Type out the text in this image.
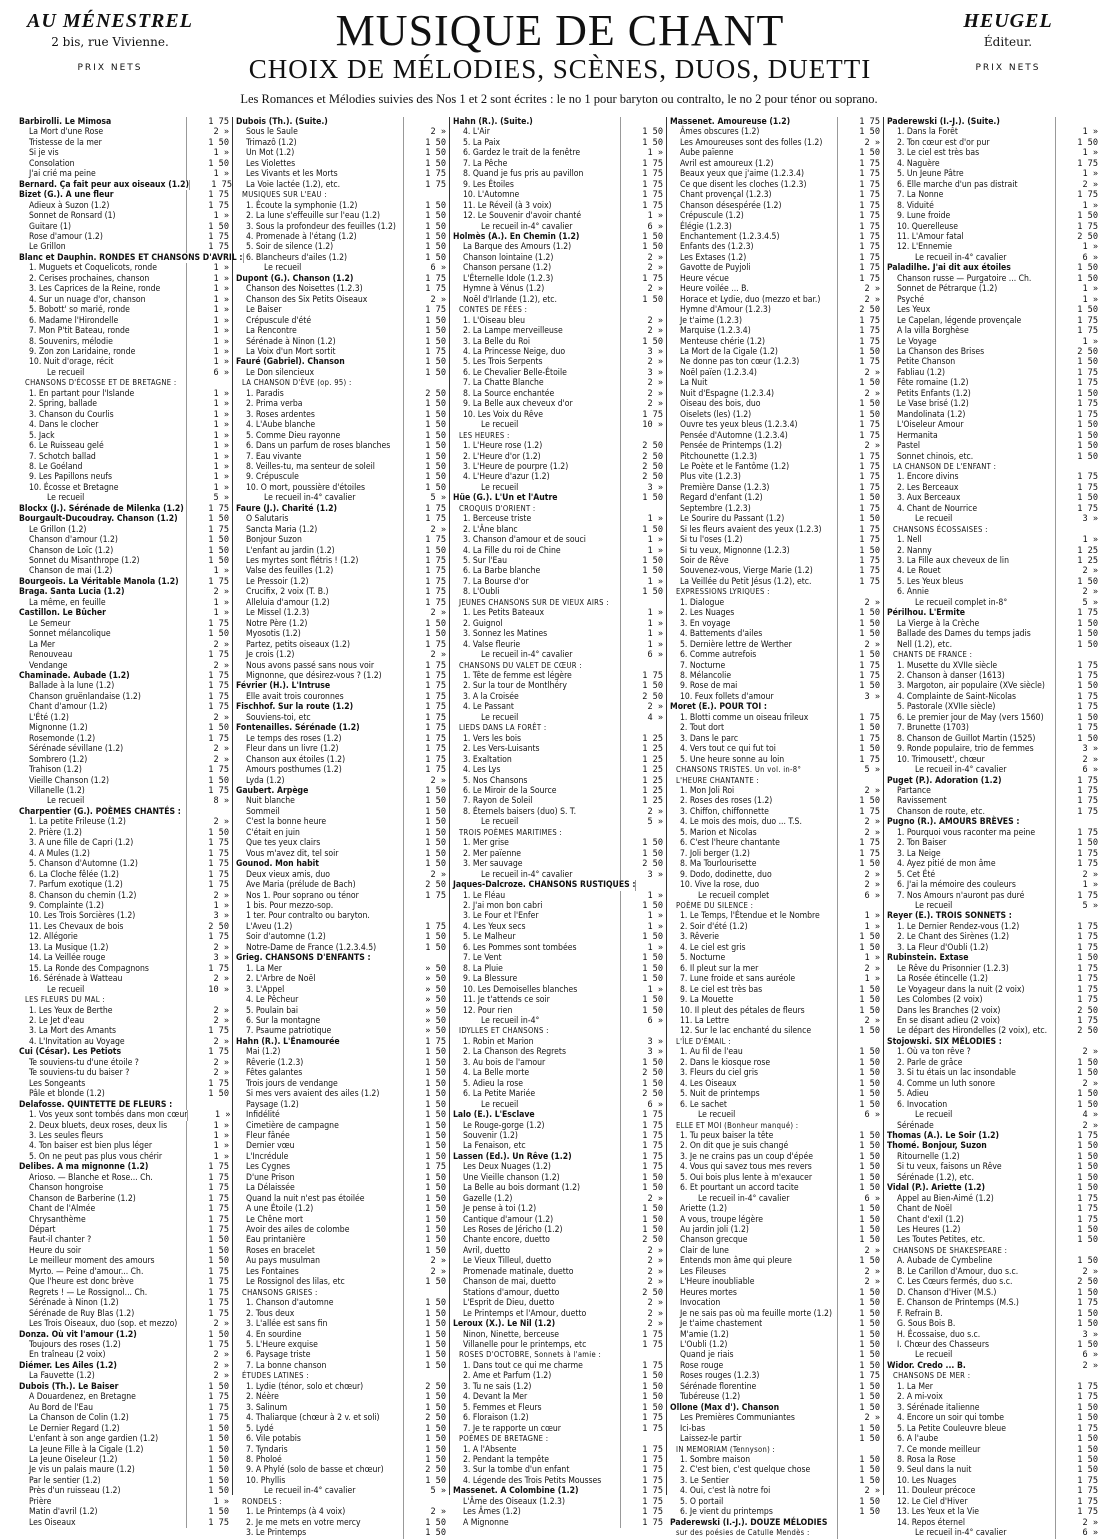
AU MÉNESTREL
2 bis, rue Vivienne.
PRIX NETS
MUSIQUE DE CHANT
CHOIX DE MÉLODIES, SCÈNES, DUOS, DUETTI
HEUGEL
Éditeur.
PRIX NETS
Les Romances et Mélodies suivies des Nos 1 et 2 sont écrites : le no 1 pour baryton ou contralto, le no 2 pour ténor ou soprano.
Barbirolli. Le Mimosa	1 75
La Mort d'une Rose	2 »
Tristesse de la mer	1 50
Si je vis	1 »
Consolation	1 50
J'ai crié ma peine	1 »
Bernard. Ça fait peur aux oiseaux (1.2)	1 75
Bizet (G.). A une fleur	1 75
Adieux à Suzon (1.2)	1 75
Sonnet de Ronsard (1)	1 »
Guitare (1)	1 50
Rose d'amour (1.2)	1 75
Le Grillon	1 75
Blanc et Dauphin. RONDES ET CHANSONS D'AVRIL :
1. Muguets et Coquelicots, ronde	1 »
2. Cerises prochaines, chanson	1 »
3. Les Caprices de la Reine, ronde	1 »
4. Sur un nuage d'or, chanson	1 »
5. Bobott' so marié, ronde	1 »
6. Madame l'Hirondelle	1 »
7. Mon P'tit Bateau, ronde	1 »
8. Souvenirs, mélodie	1 »
9. Zon zon Laridaine, ronde	1 »
10. Nuit d'orage, récit	1 »
Le recueil	6 »
CHANSONS D'ÉCOSSE ET DE BRETAGNE :
1. En partant pour l'Islande	1 »
2. Spring, ballade	1 »
3. Chanson du Courlis	1 »
4. Dans le clocher	1 »
5. Jack	1 »
6. Le Ruisseau gelé	1 »
7. Schotch ballad	1 »
8. Le Goéland	1 »
9. Les Papillons neufs	1 »
10. Écosse et Bretagne	1 »
Le recueil	5 »
Blockx (J.). Sérénade de Milenka (1.2)	1 75
Bourgault-Ducoudray. Chanson (1.2)	1 50
Le Grillon (1.2)	1 75
Chanson d'amour (1.2)	1 50
Chanson de Loïc (1.2)	1 50
Sonnet du Misanthrope (1.2)	1 50
Chanson de mai (1.2)	1 »
Bourgeois. La Véritable Manola (1.2)	1 75
Braga. Santa Lucia (1.2)	2 »
La même, en feuille	1 »
Castillon. Le Bûcher	1 »
Le Semeur	1 75
Sonnet mélancolique	1 50
La Mer	2 »
Renouveau	1 75
Vendange	2 »
Chaminade. Aubade (1.2)	1 75
Ballade à la lune (1.2)	1 75
Chanson gruënlandaise (1.2)	1 75
Chant d'amour (1.2)	1 75
L'Été (1.2)	2 »
Mignonne (1.2)	1 50
Rosemonde (1.2)	1 75
Sérénade sévillane (1.2)	2 »
Sombrero (1.2)	2 »
Trahison (1.2)	1 75
Vieille Chanson (1.2)	1 50
Villanelle (1.2)	1 75
Le recueil	8 »
Charpentier (G.). POÈMES CHANTÉS :
1. La petite Frileuse (1.2)	2 »
2. Prière (1.2)	1 50
3. A une fille de Capri (1.2)	1 75
4. A Mules (1.2)	1 75
5. Chanson d'Automne (1.2)	1 75
6. La Cloche fêlée (1.2)	1 75
7. Parfum exotique (1.2)	1 75
8. Chanson du chemin (1.2)	2 »
9. Complainte (1.2)	1 »
10. Les Trois Sorcières (1.2)	3 »
11. Les Chevaux de bois	2 50
12. Allégorie	1 75
13. La Musique (1.2)	2 »
14. La Veillée rouge	3 »
15. La Ronde des Compagnons	1 75
16. Sérénade à Watteau	2 »
Le recueil	10 »
LES FLEURS DU MAL :
1. Les Yeux de Berthe	2 »
2. Le Jet d'eau	2 »
3. La Mort des Amants	1 75
4. L'Invitation au Voyage	2 »
Cui (César). Les Petiots	1 75
Te souviens-tu d'une étoile ?	2 »
Te souviens-tu du baiser ?	2 »
Les Songeants	1 75
Pâle et blonde (1.2)	1 50
Delafosse. QUINTETTE DE FLEURS :
1. Vos yeux sont tombés dans mon cœur	1 »
2. Deux bluets, deux roses, deux lis	1 »
3. Les seules fleurs	1 »
4. Ton baiser est bien plus léger	1 »
5. On ne peut pas plus vous chérir	1 »
Delibes. A ma mignonne (1.2)	1 75
Arioso. — Blanche et Rose... Ch.	1 75
Chanson hongroise	1 75
Chanson de Barberine (1.2)	1 75
Chant de l'Almée	1 75
Chrysanthème	1 75
Départ	1 75
Faut-il chanter ?	1 50
Heure du soir	1 50
Le meilleur moment des amours	1 50
Myrto. — Peine d'amour... Ch.	1 75
Que l'heure est donc brève	1 75
Regrets ! — Le Rossignol... Ch.	1 75
Sérénade à Ninon (1.2)	1 75
Sérénade de Ruy Blas (1.2)	1 75
Les Trois Oiseaux, duo (sop. et mezzo)	2 »
Donza. Où vit l'amour (1.2)	1 50
Toujours des roses (1.2)	1 75
En traîneau (2 voix)	2 »
Diémer. Les Ailes (1.2)	2 »
La Fauvette (1.2)	2 »
Dubois (Th.). Le Baiser	1 50
A Douardenez, en Bretagne	1 75
Au Bord de l'Eau	1 75
La Chanson de Colin (1.2)	1 75
Le Dernier Regard (1.2)	1 50
L'enfant à son ange gardien (1.2)	1 50
La Jeune Fille à la Cigale (1.2)	1 50
La Jeune Oiseleur (1.2)	1 50
Je vis un palais maure (1.2)	1 50
Par le sentier (1.2)	1 50
Près d'un ruisseau (1.2)	1 50
Prière	1 »
Matin d'avril (1.2)	1 50
Les Oiseaux	1 75
Dubois (Th.). (Suite.)
Sous le Saule	2 »
Trimazô (1.2)	1 50
Un Mot (1.2)	1 50
Les Violettes	1 50
Les Vivants et les Morts	1 75
La Voie lactée (1.2), etc.	1 75
MUSIQUES SUR L'EAU :
1. Écoute la symphonie (1.2)	1 50
2. La lune s'effeuille sur l'eau (1.2)	1 50
3. Sous la profondeur des feuilles (1.2)	1 50
4. Promenade à l'étang (1.2)	1 50
5. Soir de silence (1.2)	1 50
6. Blancheurs d'ailes (1.2)	1 50
Le recueil	6 »
Dupont (G.). Chanson (1.2)	1 75
Chanson des Noisettes (1.2.3)	1 75
Chanson des Six Petits Oiseaux	2 »
Le Baiser	1 75
Crépuscule d'été	1 50
La Rencontre	1 50
Sérénade à Ninon (1.2)	1 50
La Voix d'un Mort sortit	1 75
Fauré (Gabriel). Chanson	1 50
Le Don silencieux	1 50
LA CHANSON D'ÈVE (op. 95) :
1. Paradis	2 50
2. Prima verba	1 50
3. Roses ardentes	1 50
4. L'Aube blanche	1 50
5. Comme Dieu rayonne	1 50
6. Dans un parfum de roses blanches	1 50
7. Eau vivante	1 50
8. Veilles-tu, ma senteur de soleil	1 50
9. Crépuscule	1 50
10. O mort, poussière d'étoiles	1 50
Le recueil in-4° cavalier	5 »
Faure (J.). Charité (1.2)	1 75
O Salutaris	1 75
Sancta Maria (1.2)	2 »
Bonjour Suzon	1 75
L'enfant au jardin (1.2)	1 50
Les myrtes sont flétris ! (1.2)	1 75
Valse des feuilles (1.2)	1 75
Le Pressoir (1.2)	1 75
Crucifix, 2 voix (T. B.)	1 75
Alleluia d'amour (1.2)	1 75
Le Missel (1.2.3)	2 »
Notre Père (1.2)	1 50
Myosotis (1.2)	1 50
Partez, petits oiseaux (1.2)	1 75
Je crois (1.2)	2 »
Nous avons passé sans nous voir	1 75
Mignonne, que désirez-vous ? (1.2)	1 75
Février (H.). L'Intruse	1 75
Elle avait trois couronnes	1 75
Fischhof. Sur la route (1.2)	1 75
Souviens-toi, etc	1 75
Fontenailles. Sérénade (1.2)	1 75
Le temps des roses (1.2)	1 75
Fleur dans un livre (1.2)	1 75
Chanson aux étoiles (1.2)	1 75
Amours posthumes (1.2)	1 75
Lyda (1.2)	2 »
Gaubert. Arpège	1 50
Nuit blanche	1 50
Sommeil	1 50
C'est la bonne heure	1 50
C'était en juin	1 50
Que tes yeux clairs	1 50
Vous m'avez dit, tel soir	1 50
Gounod. Mon habit	1 50
Deux vieux amis, duo	2 »
Ave Maria (prélude de Bach)	2 50
Nos 1. Pour soprano ou ténor	1 75
1 bis. Pour mezzo-sop.
1 ter. Pour contralto ou baryton.
L'Aveu (1.2)	1 75
Soir d'automne (1.2)	1 50
Notre-Dame de France (1.2.3.4.5)	1 50
Grieg. CHANSONS D'ENFANTS :
1. La Mer	» 50
2. L'Arbre de Noël	» 50
3. L'Appel	» 50
4. Le Pêcheur	» 50
5. Poulain bai	» 50
6. Sur la montagne	» 50
7. Psaume patriotique	» 50
Hahn (R.). L'Énamourée	1 75
Mai (1.2)	1 50
Rêverie (1.2.3)	1 50
Fêtes galantes	1 50
Trois jours de vendange	1 50
Si mes vers avaient des ailes (1.2)	1 50
Paysage (1.2)	1 50
Infidélité	1 50
Cimetière de campagne	1 50
Fleur fânée	1 50
Dernier vœu	1 50
L'Incrédule	1 50
Les Cygnes	1 75
D'une Prison	1 50
La Délaissée	1 50
Quand la nuit n'est pas étoilée	1 50
A une Étoile (1.2)	1 50
Le Chêne mort	1 50
Avoir des ailes de colombe	1 50
Eau printanière	1 50
Roses en bracelet	1 50
Au pays musulman	2 »
Les Fontaines	2 »
Le Rossignol des lilas, etc	1 50
CHANSONS GRISES :
1. Chanson d'automne	1 50
2. Tous deux	1 50
3. L'allée est sans fin	1 50
4. En sourdine	1 50
5. L'Heure exquise	1 50
6. Paysage triste	1 50
7. La bonne chanson	1 50
ÉTUDES LATINES :
1. Lydie (ténor, solo et chœur)	2 50
2. Néère	1 50
3. Salinum	1 50
4. Thaliarque (chœur à 2 v. et soli)	2 50
5. Lydé	1 50
6. Vile potabis	1 50
7. Tyndaris	1 50
8. Pholoé	1 50
9. A Phylé (solo de basse et chœur)	2 50
10. Phyllis	1 50
Le recueil in-4° cavalier	5 »
RONDELS :
1. Le Printemps (à 4 voix)	2 »
2. Je me mets en votre mercy	1 50
3. Le Printemps	1 50
Hahn (R.). (Suite.)
4. L'Air	1 50
5. La Paix	1 50
6. Gardez le trait de la fenêtre	1 »
7. La Pêche	1 75
8. Quand je fus pris au pavillon	1 75
9. Les Étoiles	1 75
10. L'Automne	1 75
11. Le Réveil (à 3 voix)	1 75
12. Le Souvenir d'avoir chanté	1 »
Le recueil in-4° cavalier	6 »
Holmès (A.). En Chemin (1.2)	1 50
La Barque des Amours (1.2)	1 50
Chanson lointaine (1.2)	2 »
Chanson persane (1.2)	2 »
L'Éternelle Idole (1.2.3)	1 75
Hymne à Vénus (1.2)	2 »
Noël d'Irlande (1.2), etc.	1 50
CONTES DE FÉES :
1. L'Oiseau bleu	2 »
2. La Lampe merveilleuse	2 »
3. La Belle du Roi	1 50
4. La Princesse Neige, duo	3 »
5. Les Trois Serpents	2 »
6. Le Chevalier Belle-Étoile	3 »
7. La Chatte Blanche	2 »
8. La Source enchantée	2 »
9. La Belle aux cheveux d'or	2 »
10. Les Voix du Rêve	1 75
Le recueil	10 »
LES HEURES :
1. L'Heure rose (1.2)	2 50
2. L'Heure d'or (1.2)	2 50
3. L'Heure de pourpre (1.2)	2 50
4. L'Heure d'azur (1.2)	2 50
Le recueil	3 »
Hüe (G.). L'Un et l'Autre	1 50
CROQUIS D'ORIENT :
1. Berceuse triste	1 »
2. L'Âne blanc	1 50
3. Chanson d'amour et de souci	1 »
4. La Fille du roi de Chine	1 »
5. Sur l'Eau	1 50
6. La Barbe blanche	1 50
7. La Bourse d'or	1 »
8. L'Oubli	1 50
JEUNES CHANSONS SUR DE VIEUX AIRS :
1. Les Petits Bateaux	1 »
2. Guignol	1 »
3. Sonnez les Matines	1 »
4. Valse fleurie	1 »
Le recueil in-4° cavalier	6 »
CHANSONS DU VALET DE CŒUR :
1. Tête de femme est légère	1 75
2. Sur la tour de Montlhéry	1 50
3. A la Croisée	2 50
4. Le Passant	2 »
Le recueil	4 »
LIEDS DANS LA FORÊT :
1. Vers les bois	1 25
2. Les Vers-Luisants	1 25
3. Exaltation	1 25
4. Les Lys	1 25
5. Nos Chansons	1 25
6. Le Miroir de la Source	1 25
7. Rayon de Soleil	1 25
8. Éternels baisers (duo) S. T.	2 »
Le recueil	5 »
TROIS POÈMES MARITIMES :
1. Mer grise	1 50
2. Mer païenne	1 50
3. Mer sauvage	2 50
Le recueil in-4° cavalier	3 »
Jaques-Dalcroze. CHANSONS RUSTIQUES :
1. Le Fléau	1 »
2. J'ai mon bon cabri	1 50
3. Le Four et l'Enfer	1 »
4. Les Yeux secs	1 »
5. Le Malheur	1 50
6. Les Pommes sont tombées	1 »
7. Le Vent	1 50
8. La Pluie	1 50
9. La Blessure	1 50
10. Les Demoiselles blanches	1 »
11. Je t'attends ce soir	1 50
12. Pour rien	1 50
Le recueil in-4°	6 »
IDYLLES ET CHANSONS :
1. Robin et Marion	3 »
2. La Chanson des Regrets	3 »
3. Au bois de l'amour	1 50
4. La Belle morte	2 50
5. Adieu la rose	1 50
6. La Petite Mariée	2 50
Le recueil	6 »
Lalo (E.). L'Esclave	1 75
Le Rouge-gorge (1.2)	1 75
Souvenir (1.2)	1 75
La Fenaison, etc	1 75
Lassen (Ed.). Un Rêve (1.2)	1 75
Les Deux Nuages (1.2)	1 75
Une Vieille chanson (1.2)	1 50
La Belle au bois dormant (1.2)	1 50
Gazelle (1.2)	2 »
Je pense à toi (1.2)	1 50
Cantique d'amour (1.2)	1 50
Les Roses de Jéricho (1.2)	1 50
Chante encore, duetto	2 50
Avril, duetto	2 »
Le Vieux Tilleul, duetto	2 »
Promenade matinale, duetto	2 »
Chanson de mai, duetto	2 »
Stations d'amour, duetto	2 50
L'Esprit de Dieu, duetto	2 »
Le Printemps et l'Amour, duetto	2 »
Leroux (X.). Le Nil (1.2)	2 »
Ninon, Ninette, berceuse	1 75
Villanelle pour le printemps, etc	1 75
ROSES D'OCTOBRE, Sonnets à l'amie :
1. Dans tout ce qui me charme	1 75
2. Ame et Parfum (1.2)	1 50
3. Tu ne sais (1.2)	1 50
4. Devant la Mer	1 50
5. Femmes et Fleurs	1 50
6. Floraison (1.2)	1 75
7. Je te rapporte un cœur	1 75
POÈMES DE BRETAGNE :
1. A l'Absente	1 75
2. Pendant la tempête	1 75
3. Sur la tombe d'un enfant	1 75
4. Légende des Trois Petits Mousses	1 75
Massenet. A Colombine (1.2)	1 75
L'Âme des Oiseaux (1.2.3)	1 75
Les Âmes (1.2)	1 75
A Mignonne	1 75
Massenet. Amoureuse (1.2)	1 75
Âmes obscures (1.2)	1 50
Les Amoureuses sont des folles (1.2)	2 »
Aube païenne	1 50
Avril est amoureux (1.2)	1 75
Beaux yeux que j'aime (1.2.3.4)	1 75
Ce que disent les cloches (1.2.3)	1 75
Chant provençal (1.2.3)	1 75
Chanson désespérée (1.2)	1 75
Crépuscule (1.2)	1 75
Élégie (1.2.3)	1 75
Enchantement (1.2.3.4.5)	1 75
Enfants des (1.2.3)	1 75
Les Extases (1.2)	1 75
Gavotte de Puyjoli	1 75
Heure vécue	1 75
Heure voilée ... B.	2 »
Horace et Lydie, duo (mezzo et bar.)	2 »
Hymne d'Amour (1.2.3)	2 50
Je t'aime (1.2.3)	1 75
Marquise (1.2.3.4)	1 75
Menteuse chérie (1.2)	1 75
La Mort de la Cigale (1.2)	1 50
Ne donne pas ton cœur (1.2.3)	1 75
Noël païen (1.2.3.4)	2 »
La Nuit	1 50
Nuit d'Espagne (1.2.3.4)	2 »
Oiseau des bois, duo	1 50
Oiselets (les) (1.2)	1 50
Ouvre tes yeux bleus (1.2.3.4)	1 75
Pensée d'Automne (1.2.3.4)	1 75
Pensée de Printemps (1.2)	2 »
Pitchounette (1.2.3)	1 75
Le Poète et le Fantôme (1.2)	1 75
Plus vite (1.2.3)	1 75
Première Danse (1.2.3)	1 75
Regard d'enfant (1.2)	1 50
Septembre (1.2.3)	1 75
Le Sourire du Passant (1.2)	1 50
Si les fleurs avaient des yeux (1.2.3)	1 75
Si tu l'oses (1.2)	1 75
Si tu veux, Mignonne (1.2.3)	1 50
Soir de Rêve	1 75
Souvenez-vous, Vierge Marie (1.2)	1 75
La Veillée du Petit Jésus (1.2), etc.	1 75
EXPRESSIONS LYRIQUES :
1. Dialogue	2 »
2. Les Nuages	1 50
3. En voyage	1 50
4. Battements d'ailes	1 50
5. Dernière lettre de Werther	2 »
6. Comme autrefois	1 50
7. Nocturne	1 75
8. Mélancolie	1 75
9. Rose de mai	1 50
10. Feux follets d'amour	3 »
Moret (E.). POUR TOI :
1. Blotti comme un oiseau frileux	1 75
2. Tout dort	1 50
3. Dans le parc	1 75
4. Vers tout ce qui fut toi	1 50
5. Une heure sonne au loin	1 75
CHANSONS TRISTES. Un vol. in-8°	5 »
L'HEURE CHANTANTE :
1. Mon Joli Roi	2 »
2. Roses des roses (1.2)	1 50
3. Chiffon, chiffonnette	1 75
4. Le mois des mois, duo ... T.S.	2 »
5. Marion et Nicolas	2 »
6. C'est l'heure chantante	1 75
7. Joli berger (1.2)	1 75
8. Ma Tourlourisette	1 50
9. Dodo, dodinette, duo	2 »
10. Vive la rose, duo	2 »
Le recueil complet	6 »
POÈME DU SILENCE :
1. Le Temps, l'Étendue et le Nombre	1 »
2. Soir d'été (1.2)	1 »
3. Rêverie	1 50
4. Le ciel est gris	1 50
5. Nocturne	1 »
6. Il pleut sur la mer	2 »
7. Lune froide et sans auréole	1 »
8. Le ciel est très bas	1 50
9. La Mouette	1 50
10. Il pleut des pétales de fleurs	1 50
11. La Lettre	2 »
12. Sur le lac enchanté du silence	1 50
L'ÎLE D'ÉMAIL :
1. Au fil de l'eau	1 50
2. Dans le kiosque rose	1 50
3. Fleurs du ciel gris	1 50
4. Les Oiseaux	1 50
5. Nuit de printemps	1 50
6. Le sachet	1 50
Le recueil	6 »
ELLE ET MOI (Bonheur manqué) :
1. Tu peux baiser la tête	1 50
2. On dit que je suis changé	1 50
3. Je ne crains pas un coup d'épée	1 50
4. Vous qui savez tous mes revers	1 50
5. Oui bois plus lente à m'exaucer	1 50
6. Et pourtant un accord tacite	1 50
Le recueil in-4° cavalier	6 »
Ariette (1.2)	1 50
A vous, troupe légère	1 50
Au jardin joli (1.2)	1 50
Chanson grecque	1 50
Clair de lune	2 »
Entends mon âme qui pleure	1 50
Les Fileuses	2 »
L'Heure inoubliable	2 »
Heures mortes	1 50
Invocation	1 50
Je ne sais pas où ma feuille morte (1.2)	1 50
Je t'aime chastement	1 50
M'amie (1.2)	1 50
L'Oubli (1.2)	1 50
Quand je riais	1 50
Rose rouge	1 50
Roses rouges (1.2.3)	1 75
Sérénade florentine	1 50
Tubéreuse (1.2)	1 50
Ollone (Max d'). Chanson	1 50
Les Premières Communiantes	2 »
Ici-bas	1 50
Laissez-le partir	1 50
IN MEMORIAM (Tennyson) :
1. Sombre maison	1 50
2. C'est bien, c'est quelque chose	1 50
3. Le Sentier	1 50
4. Oui, c'est là notre foi	2 »
5. O portail	1 50
6. Je vient du printemps	1 50
Paderewski (I.-J.). DOUZE MÉLODIES
sur des poésies de Catulle Mendès :
Paderewski (I.-J.). (Suite.)
1. Dans la Forêt	1 »
2. Ton cœur est d'or pur	1 50
3. Le ciel est très bas	1 »
4. Naguère	1 75
5. Un Jeune Pâtre	1 »
6. Elle marche d'un pas distrait	2 »
7. La Nonne	1 75
8. Viduité	1 »
9. Lune froide	1 50
10. Querelleuse	1 75
11. L'Amour fatal	2 50
12. L'Ennemie	1 »
Le recueil in-4° cavalier	6 »
Paladilhe. J'ai dit aux étoiles	1 50
Chanson russe — Purgatoire ... Ch.	1 50
Sonnet de Pétrarque (1.2)	1 »
Psyché	1 »
Les Yeux	1 50
Le Capelan, légende provençale	1 75
A la villa Borghèse	1 75
Le Voyage	1 »
La Chanson des Brises	2 50
Petite Chanson	1 50
Fabliau (1.2)	1 75
Fête romaine (1.2)	1 75
Petits Enfants (1.2)	1 50
Le Vase brisé (1.2)	1 75
Mandolinata (1.2)	1 75
L'Oiseleur Amour	1 50
Hermanita	1 50
Pastel	1 50
Sonnet chinois, etc.	1 50
LA CHANSON DE L'ENFANT :
1. Encore divins	1 75
2. Les Berceaux	1 75
3. Aux Berceaux	1 50
4. Chant de Nourrice	1 75
Le recueil	3 »
CHANSONS ÉCOSSAISES :
1. Nell	1 »
2. Nanny	1 25
3. La Fille aux cheveux de lin	1 25
4. Le Rouet	2 »
5. Les Yeux bleus	1 50
6. Annie	2 »
Le recueil complet in-8°	5 »
Périlhou. L'Ermite	1 75
La Vierge à la Crèche	1 50
Ballade des Dames du temps jadis	1 50
Nell (1.2), etc.	1 50
CHANTS DE FRANCE :
1. Musette du XVIIe siècle	1 75
2. Chanson à danser (1613)	1 75
3. Margoton, air populaire (XVe siècle)	1 50
4. Complainte de Saint-Nicolas	1 75
5. Pastorale (XVIIe siècle)	1 75
6. Le premier jour de May (vers 1560)	1 50
7. Brunette (1703)	1 75
8. Chanson de Guillot Martin (1525)	1 50
9. Ronde populaire, trio de femmes	3 »
10. Trimousett', chœur	2 »
Le recueil in-4° cavalier	6 »
Puget (P.). Adoration (1.2)	1 75
Partance	1 75
Ravissement	1 75
Chanson de route, etc.	1 75
Pugno (R.). AMOURS BRÈVES :
1. Pourquoi vous raconter ma peine	1 75
2. Ton Baiser	1 50
3. La Neige	1 75
4. Ayez pitié de mon âme	1 75
5. Cet Été	2 »
6. J'ai la mémoire des couleurs	1 »
7. Nos Amours n'auront pas duré	1 75
Le recueil	5 »
Reyer (E.). TROIS SONNETS :
1. Le Dernier Rendez-vous (1.2)	1 75
2. Le Chant des Sirènes (1.2)	1 75
3. La Fleur d'Oubli (1.2)	1 75
Rubinstein. Extase	1 50
Le Rêve du Prisonnier (1.2.3)	1 75
La Rosée étincelle (1.2)	1 75
Le Voyageur dans la nuit (2 voix)	1 75
Les Colombes (2 voix)	1 75
Dans les Branches (2 voix)	2 50
En se disant adieu (2 voix)	1 75
Le départ des Hirondelles (2 voix), etc.	2 50
Stojowski. SIX MÉLODIES :
1. Où va ton rêve ?	2 »
2. Parle de grâce	1 50
3. Si tu étais un lac insondable	1 50
4. Comme un luth sonore	2 »
5. Adieu	1 50
6. Invocation	1 50
Le recueil	4 »
Sérénade	2 »
Thomas (A.). Le Soir (1.2)	1 75
Thomé. Bonjour, Suzon	1 50
Ritournelle (1.2)	1 50
Si tu veux, faisons un Rêve	1 50
Sérénade (1.2), etc.	1 50
Vidal (P.). Ariette (1.2)	1 50
Appel au Bien-Aimé (1.2)	1 75
Chant de Noël	1 75
Chant d'exil (1.2)	1 75
Les Heures (1.2)	1 50
Les Toutes Petites, etc.	1 50
CHANSONS DE SHAKESPEARE :
A. Aubade de Cymbeline	1 50
B. Le Carillon d'Amour, duo s.c.	2 »
C. Les Cœurs fermés, duo s.c.	2 50
D. Chanson d'Hiver (M.S.)	1 50
E. Chanson de Printemps (M.S.)	1 75
F. Refrain B.	1 50
G. Sous Bois B.	1 50
H. Écossaise, duo s.c.	3 »
I. Chœur des Chasseurs	1 50
Le recueil	6 »
Widor. Credo ... B.	2 »
CHANSONS DE MER :
1. La Mer	1 75
2. A mi-voix	1 75
3. Sérénade italienne	1 50
4. Encore un soir qui tombe	1 50
5. La Petite Couleuvre bleue	1 75
6. A l'aube	1 50
7. Ce monde meilleur	1 50
8. Rosa la Rose	1 50
9. Seul dans la nuit	1 50
10. Les Nuages	1 75
11. Douleur précoce	1 75
12. Le Ciel d'Hiver	1 75
13. Les Yeux et la Vie	1 75
14. Repos éternel	2 »
Le recueil in-4° cavalier	6 »
